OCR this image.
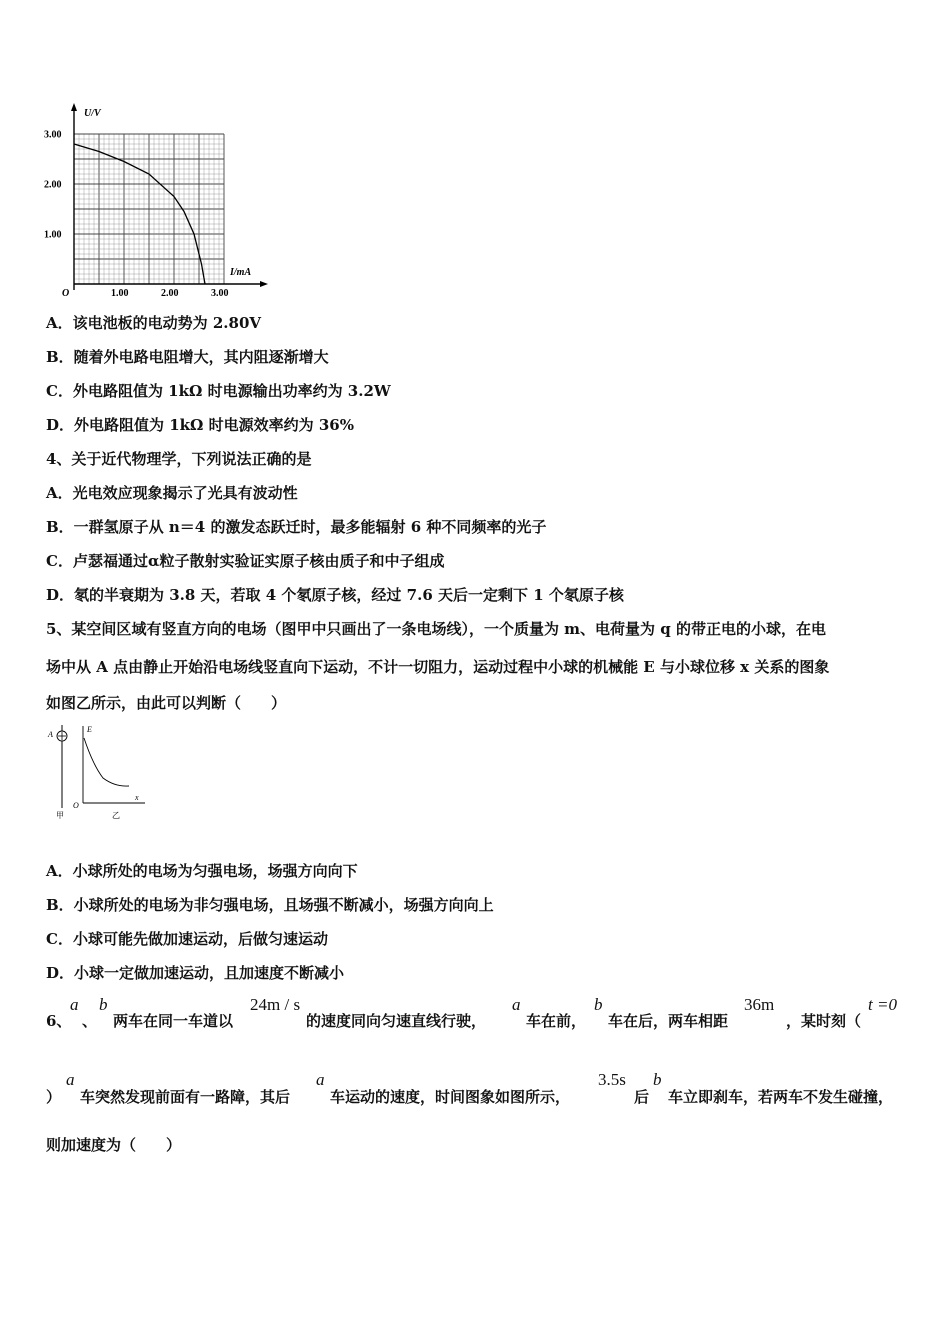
U/V
I/mA
O
3.00
2.00
1.00
1.00	2.00	3.00
A．该电池板的电动势为 2.80V
B．随着外电路电阻增大，其内阻逐渐增大
C．外电路阻值为 1kΩ 时电源输出功率约为 3.2W
D．外电路阻值为 1kΩ 时电源效率约为 36%
4、关于近代物理学，下列说法正确的是
A．光电效应现象揭示了光具有波动性
B．一群氢原子从 n＝4 的激发态跃迁时，最多能辐射 6 种不同频率的光子
C．卢瑟福通过α粒子散射实验证实原子核由质子和中子组成
D．氡的半衰期为 3.8 天，若取 4 个氡原子核，经过 7.6 天后一定剩下 1 个氡原子核
5、某空间区域有竖直方向的电场（图甲中只画出了一条电场线），一个质量为 m、电荷量为 q 的带正电的小球，在电
场中从 A 点由静止开始沿电场线竖直向下运动，不计一切阻力，运动过程中小球的机械能 E 与小球位移 x 关系的图象
如图乙所示，由此可以判断（　　）
A
甲
E
O
x
乙
A．小球所处的电场为匀强电场，场强方向向下
B．小球所处的电场为非匀强电场，且场强不断减小，场强方向向上
C．小球可能先做加速运动，后做匀速运动
D．小球一定做加速运动，且加速度不断减小
6、
a
、
b
两车在同一车道以
24m / s
的速度同向匀速直线行驶，
a
车在前，
b
车在后，两车相距
36m
，某时刻（
t =0
）
a
车突然发现前面有一路障，其后
a
车运动的速度，时间图象如图所示，
3.5s
后
b
车立即刹车，若两车不发生碰撞，
则加速度为（　　）
